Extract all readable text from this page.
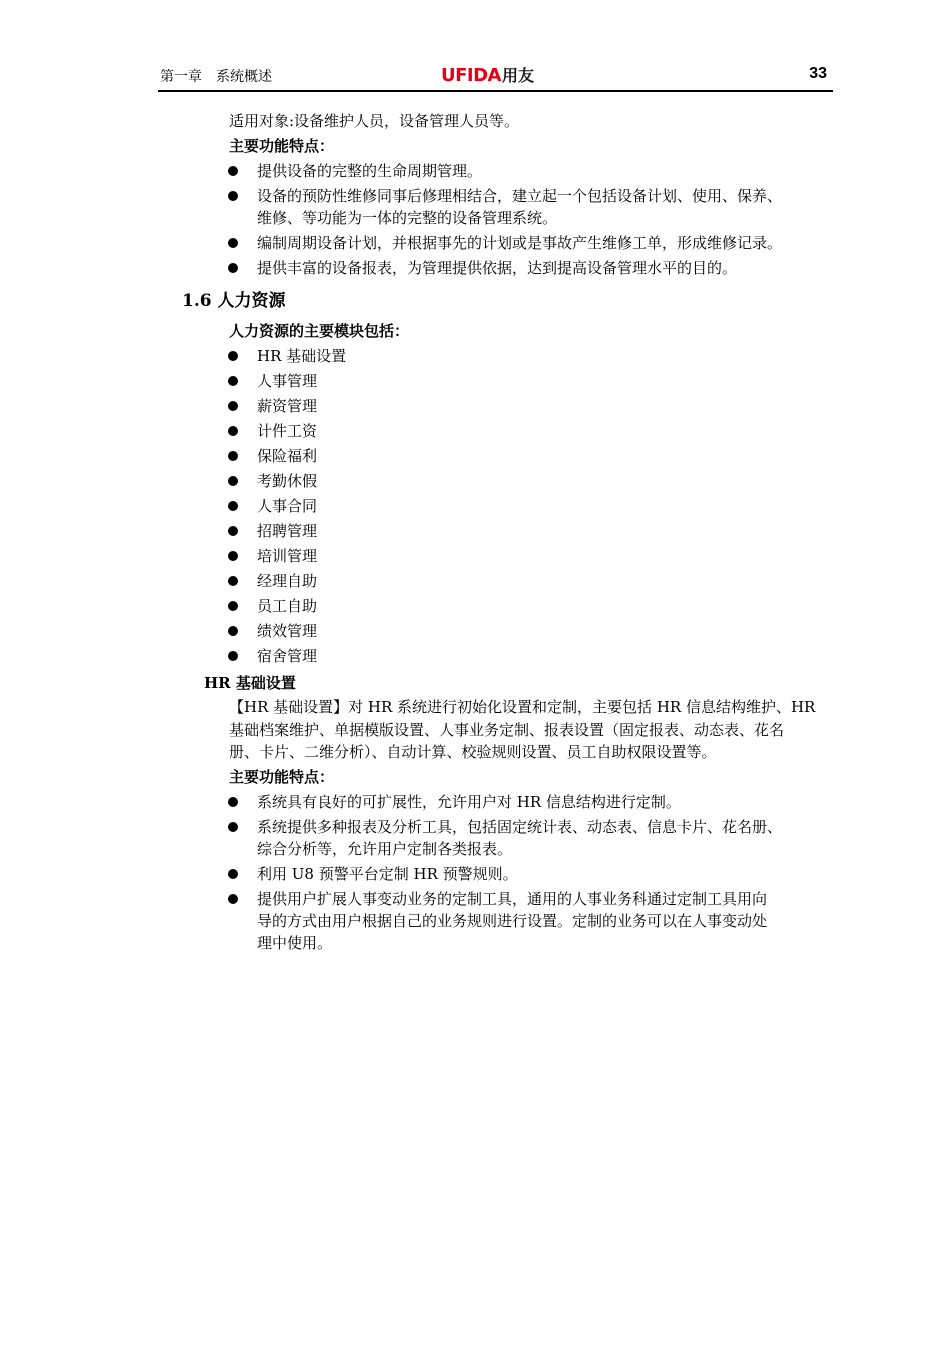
第一章　系统概述	UFIDA用友	33
适用对象:设备维护人员，设备管理人员等。
主要功能特点：
提供设备的完整的生命周期管理。
设备的预防性维修同事后修理相结合，建立起一个包括设备计划、使用、保养、
维修、等功能为一体的完整的设备管理系统。
编制周期设备计划，并根据事先的计划或是事故产生维修工单，形成维修记录。
提供丰富的设备报表，为管理提供依据，达到提高设备管理水平的目的。
1.6 人力资源
人力资源的主要模块包括：
HR 基础设置
人事管理
薪资管理
计件工资
保险福利
考勤休假
人事合同
招聘管理
培训管理
经理自助
员工自助
绩效管理
宿舍管理
HR 基础设置
【HR 基础设置】对 HR 系统进行初始化设置和定制，主要包括 HR 信息结构维护、HR
基础档案维护、单据模版设置、人事业务定制、报表设置（固定报表、动态表、花名
册、卡片、二维分析）、自动计算、校验规则设置、员工自助权限设置等。
主要功能特点：
系统具有良好的可扩展性，允许用户对 HR 信息结构进行定制。
系统提供多种报表及分析工具，包括固定统计表、动态表、信息卡片、花名册、
综合分析等，允许用户定制各类报表。
利用 U8 预警平台定制 HR 预警规则。
提供用户扩展人事变动业务的定制工具，通用的人事业务科通过定制工具用向
导的方式由用户根据自己的业务规则进行设置。定制的业务可以在人事变动处
理中使用。
